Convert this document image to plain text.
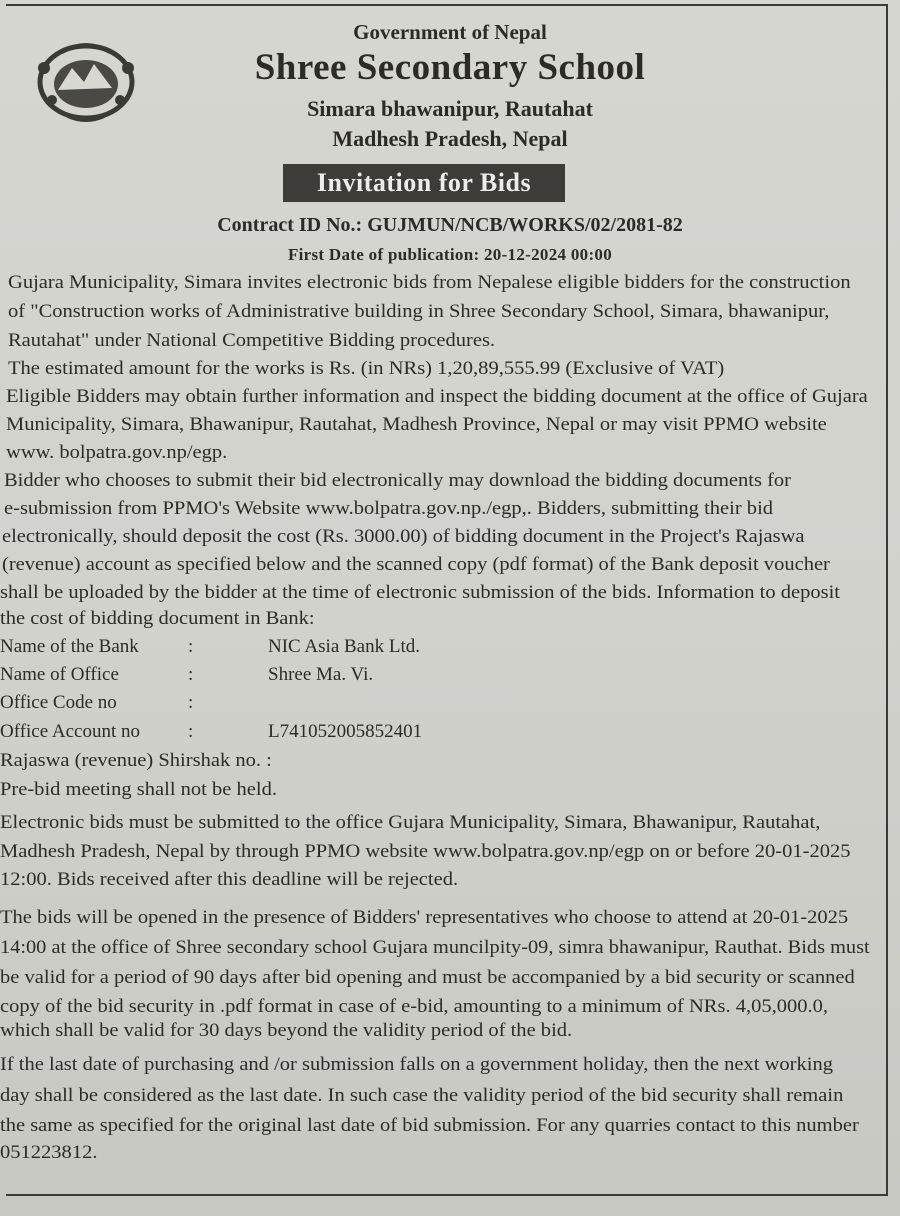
Government of Nepal
Shree Secondary School
Simara bhawanipur, Rautahat
Madhesh Pradesh, Nepal
Invitation for Bids
Contract ID No.: GUJMUN/NCB/WORKS/02/2081-82
First Date of publication: 20-12-2024 00:00
Gujara Municipality, Simara invites electronic bids from Nepalese eligible bidders for the construction
of "Construction works of Administrative building in Shree Secondary School, Simara, bhawanipur,
Rautahat" under National Competitive Bidding procedures.
The estimated amount for the works is Rs. (in NRs) 1,20,89,555.99 (Exclusive of VAT)
Eligible Bidders may obtain further information and inspect the bidding document at the office of Gujara
Municipality, Simara, Bhawanipur, Rautahat, Madhesh Province, Nepal or may visit PPMO website
www. bolpatra.gov.np/egp.
Bidder who chooses to submit their bid electronically may download the bidding documents for
e-submission from PPMO's Website www.bolpatra.gov.np./egp,. Bidders, submitting their bid
electronically, should deposit the cost (Rs. 3000.00) of bidding document in the Project's Rajaswa
(revenue) account as specified below and the scanned copy (pdf format) of the Bank deposit voucher
shall be uploaded by the bidder at the time of electronic submission of the bids. Information to deposit
the cost of bidding document in Bank:
Name of the Bank	:	NIC Asia Bank Ltd.
Name of Office	:	Shree Ma. Vi.
Office Code no	:
Office Account no	:	L741052005852401
Rajaswa (revenue) Shirshak no. :
Pre-bid meeting shall not be held.
Electronic bids must be submitted to the office Gujara Municipality, Simara, Bhawanipur, Rautahat,
Madhesh Pradesh, Nepal by through PPMO website www.bolpatra.gov.np/egp on or before 20-01-2025
12:00. Bids received after this deadline will be rejected.
The bids will be opened in the presence of Bidders' representatives who choose to attend at 20-01-2025
14:00 at the office of Shree secondary school Gujara muncilpity-09, simra bhawanipur, Rauthat. Bids must
be valid for a period of 90 days after bid opening and must be accompanied by a bid security or scanned
copy of the bid security in .pdf format in case of e-bid, amounting to a minimum of NRs. 4,05,000.0,
which shall be valid for 30 days beyond the validity period of the bid.
If the last date of purchasing and /or submission falls on a government holiday, then the next working
day shall be considered as the last date. In such case the validity period of the bid security shall remain
the same as specified for the original last date of bid submission. For any quarries contact to this number
051223812.
